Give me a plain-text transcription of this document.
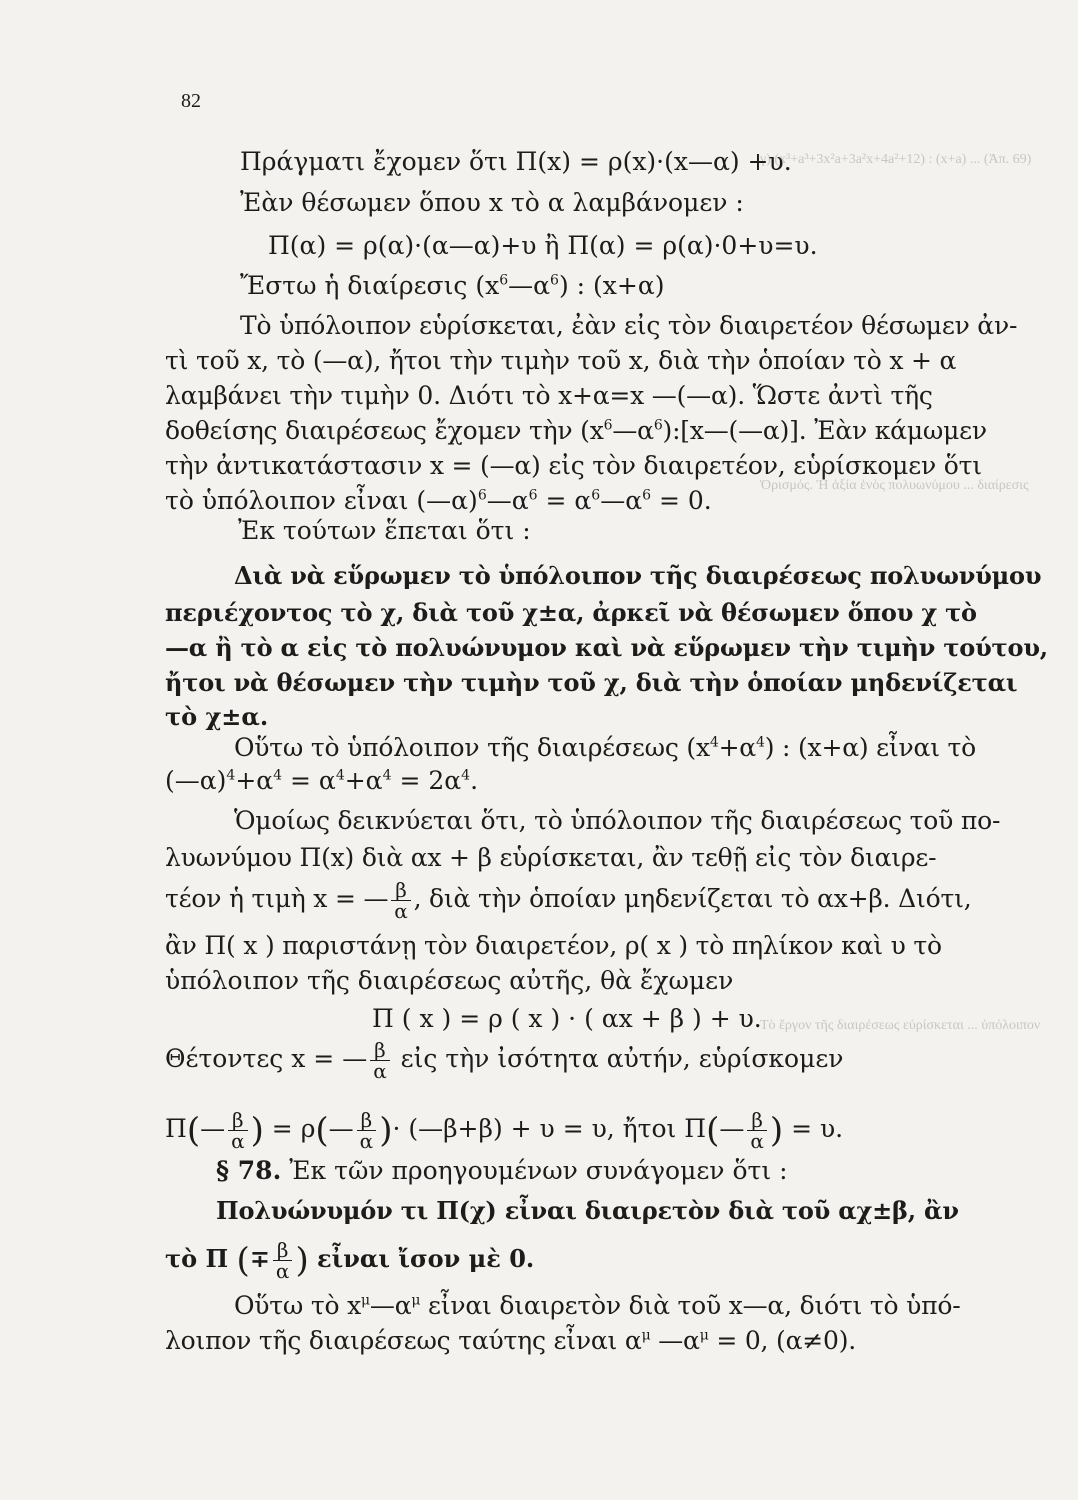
γ) (x³+a³+3x²a+3a²x+4a²+12) : (x+a) ... (Ἀπ. 69)
Ὁρισμός. Ἡ ἀξία ἑνὸς πολυωνύμου ... διαίρεσις
Τὸ ἔργον τῆς διαιρέσεως εὑρίσκεται ... ὑπόλοιπον
82
Πράγματι ἔχομεν ὅτι Π(x) = ρ(x)·(x—α) +υ.
Ἐὰν θέσωμεν ὅπου x τὸ α λαμβάνομεν :
Π(α) = ρ(α)·(α—α)+υ ἢ Π(α) = ρ(α)·0+υ=υ.
Ἔστω ἡ διαίρεσις $(x^6—\alpha^6)$ : (x+α)
Τὸ ὑπόλοιπον εὑρίσκεται, ἐὰν εἰς τὸν διαιρετέον θέσωμεν ἀν-
τὶ τοῦ x, τὸ (—α), ἤτοι τὴν τιμὴν τοῦ x, διὰ τὴν ὁποίαν τὸ x + α
λαμβάνει τὴν τιμὴν 0. Διότι τὸ x+α=x —(—α). Ὥστε ἀντὶ τῆς
δοθείσης διαιρέσεως ἔχομεν τὴν $(x^6—\alpha^6):[x—(—\alpha)]$. Ἐὰν κάμωμεν
τὴν ἀντικατάστασιν x = (—α) εἰς τὸν διαιρετέον, εὑρίσκομεν ὅτι
τὸ ὑπόλοιπον εἶναι $(—\alpha)^6—\alpha^6$ = $\alpha^6—\alpha^6 = 0$.
Ἐκ τούτων ἕπεται ὅτι :
Διὰ νὰ εὕρωμεν τὸ ὑπόλοιπον τῆς διαιρέσεως πολυωνύμου
περιέχοντος τὸ χ, διὰ τοῦ χ±α, ἀρκεῖ νὰ θέσωμεν ὅπου χ τὸ
—α ἢ τὸ α εἰς τὸ πολυώνυμον καὶ νὰ εὕρωμεν τὴν τιμὴν τούτου,
ἤτοι νὰ θέσωμεν τὴν τιμὴν τοῦ χ, διὰ τὴν ὁποίαν μηδενίζεται
τὸ χ±α.
Οὕτω τὸ ὑπόλοιπον τῆς διαιρέσεως $(x^4+\alpha^4)$ : (x+α) εἶναι τὸ
$(—\alpha)^4+\alpha^4 = \alpha^4+\alpha^4 = 2\alpha^4$.
Ὁμοίως δεικνύεται ὅτι, τὸ ὑπόλοιπον τῆς διαιρέσεως τοῦ πο-
λυωνύμου Π(x) διὰ αx + β εὑρίσκεται, ἂν τεθῇ εἰς τὸν διαιρε-
τέον ἡ τιμὴ x = — $\frac{\beta}{\alpha}$ , διὰ τὴν ὁποίαν μηδενίζεται τὸ αx+β. Διότι,
ἂν Π( x ) παριστάνῃ τὸν διαιρετέον, ρ( x ) τὸ πηλίκον καὶ υ τὸ
ὑπόλοιπον τῆς διαιρέσεως αὐτῆς, θὰ ἔχωμεν
Π ( x ) = ρ ( x ) · ( αx + β ) + υ.
Θέτοντες x = — $\frac{\beta}{\alpha}$ εἰς τὴν ἰσότητα αὐτήν, εὑρίσκομεν
Π(— $\frac{\beta}{\alpha}$ ) = ρ(— $\frac{\beta}{\alpha}$ )· (—β+β) + υ = υ, ἤτοι Π(— $\frac{\beta}{\alpha}$ ) = υ.
§ 78. Ἐκ τῶν προηγουμένων συνάγομεν ὅτι :
Πολυώνυμόν τι Π(χ) εἶναι διαιρετὸν διὰ τοῦ αχ±β, ἂν
τὸ Π (∓ $\frac{\beta}{\alpha}$ ) εἶναι ἴσον μὲ 0.
Οὕτω τὸ $x^\mu—\alpha^\mu$ εἶναι διαιρετὸν διὰ τοῦ x—α, διότι τὸ ὑπό-
λοιπον τῆς διαιρέσεως ταύτης εἶναι $\alpha^\mu$ $—\alpha^\mu = 0$, (α≠0).
